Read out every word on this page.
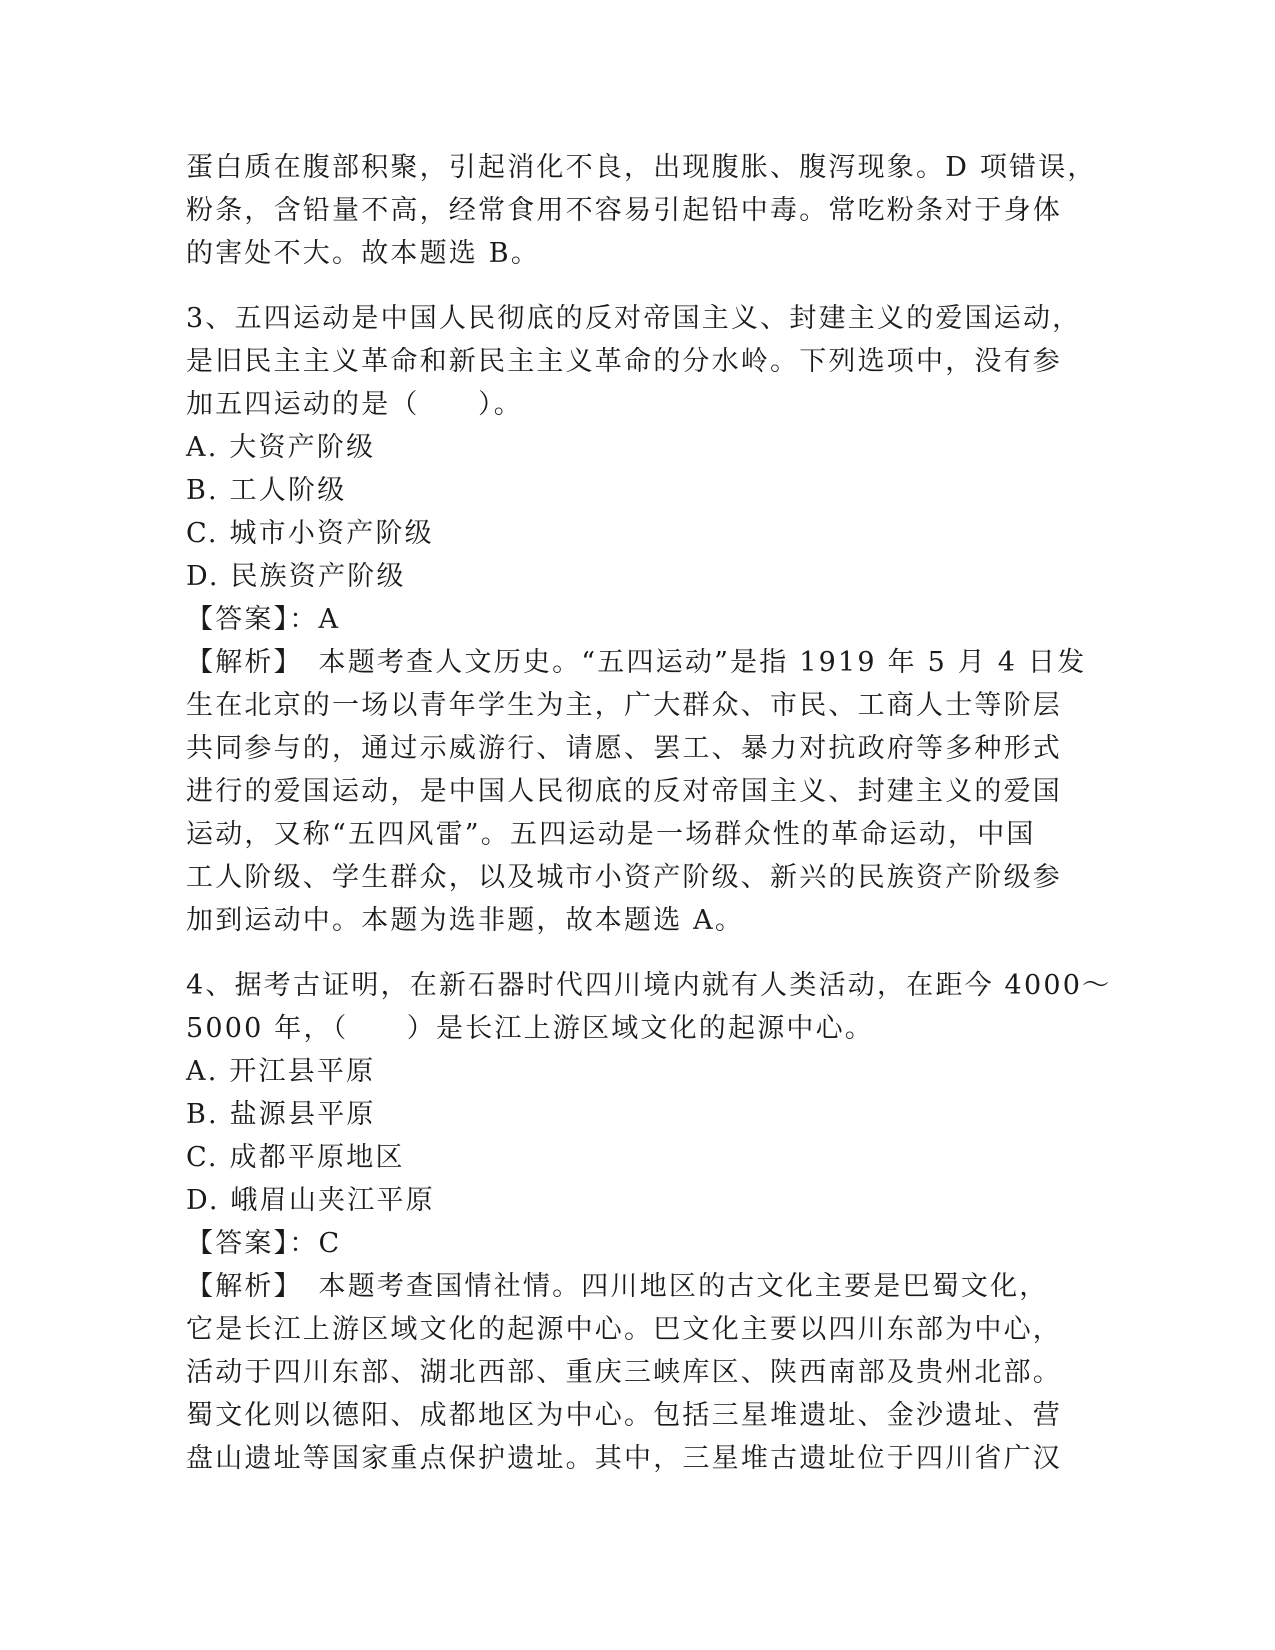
蛋白质在腹部积聚，引起消化不良，出现腹胀、腹泻现象。D 项错误，
粉条，含铅量不高，经常食用不容易引起铅中毒。常吃粉条对于身体
的害处不大。故本题选 B。
3、五四运动是中国人民彻底的反对帝国主义、封建主义的爱国运动，
是旧民主主义革命和新民主主义革命的分水岭。下列选项中，没有参
加五四运动的是（　　）。
A. 大资产阶级
B. 工人阶级
C. 城市小资产阶级
D. 民族资产阶级
【答案】：A
【解析】　本题考查人文历史。“五四运动”是指 1919 年 5 月 4 日发
生在北京的一场以青年学生为主，广大群众、市民、工商人士等阶层
共同参与的，通过示威游行、请愿、罢工、暴力对抗政府等多种形式
进行的爱国运动，是中国人民彻底的反对帝国主义、封建主义的爱国
运动，又称“五四风雷”。五四运动是一场群众性的革命运动，中国
工人阶级、学生群众，以及城市小资产阶级、新兴的民族资产阶级参
加到运动中。本题为选非题，故本题选 A。
4、据考古证明，在新石器时代四川境内就有人类活动，在距今 4000～
5000 年，（　　）是长江上游区域文化的起源中心。
A. 开江县平原
B. 盐源县平原
C. 成都平原地区
D. 峨眉山夹江平原
【答案】：C
【解析】　本题考查国情社情。四川地区的古文化主要是巴蜀文化，
它是长江上游区域文化的起源中心。巴文化主要以四川东部为中心，
活动于四川东部、湖北西部、重庆三峡库区、陕西南部及贵州北部。
蜀文化则以德阳、成都地区为中心。包括三星堆遗址、金沙遗址、营
盘山遗址等国家重点保护遗址。其中，三星堆古遗址位于四川省广汉
